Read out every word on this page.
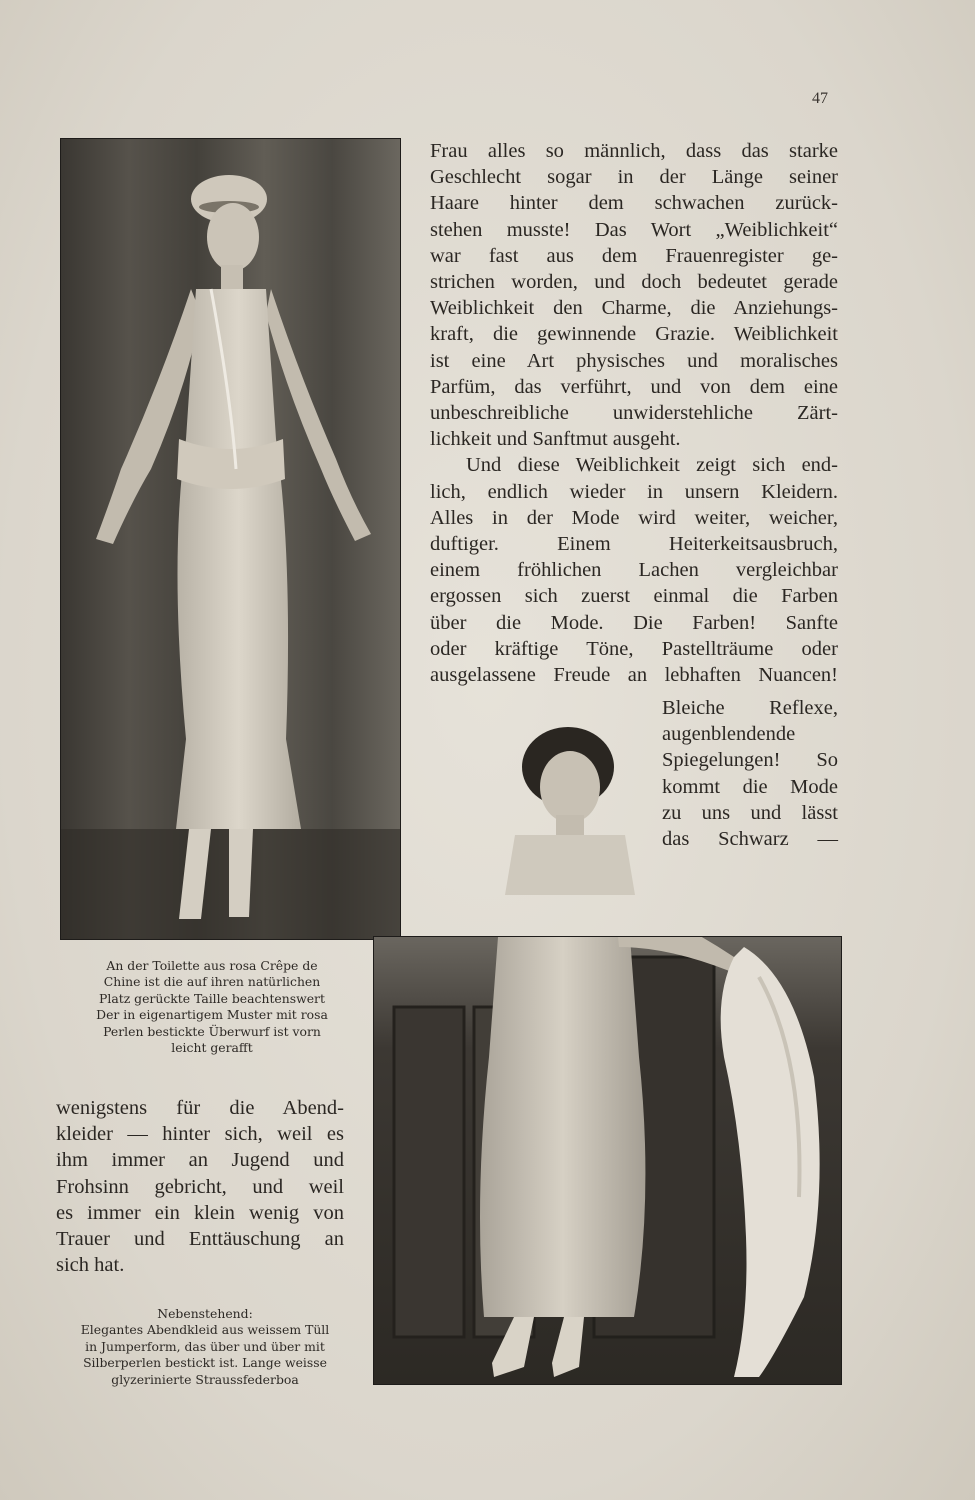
47
Frau alles so männlich, dass das starke
Geschlecht sogar in der Länge seiner
Haare hinter dem schwachen zurück-
stehen musste! Das Wort „Weiblichkeit“
war fast aus dem Frauenregister ge-
strichen worden, und doch bedeutet gerade
Weiblichkeit den Charme, die Anziehungs-
kraft, die gewinnende Grazie. Weiblichkeit
ist eine Art physisches und moralisches
Parfüm, das verführt, und von dem eine
unbeschreibliche unwiderstehliche Zärt-
lichkeit und Sanftmut ausgeht.
Und diese Weiblichkeit zeigt sich end-
lich, endlich wieder in unsern Kleidern.
Alles in der Mode wird weiter, weicher,
duftiger. Einem Heiterkeitsausbruch,
einem fröhlichen Lachen vergleichbar
ergossen sich zuerst einmal die Farben
über die Mode. Die Farben! Sanfte
oder kräftige Töne, Pastellträume oder
ausgelassene Freude an lebhaften Nuancen!
Bleiche Reflexe,
augenblendende
Spiegelungen! So
kommt die Mode
zu uns und lässt
das Schwarz —
An der Toilette aus rosa Crêpe de
Chine ist die auf ihren natürlichen
Platz gerückte Taille beachtenswert
Der in eigenartigem Muster mit rosa
Perlen bestickte Überwurf ist vorn
leicht gerafft
wenigstens für die Abend-
kleider — hinter sich, weil es
ihm immer an Jugend und
Frohsinn gebricht, und weil
es immer ein klein wenig von
Trauer und Enttäuschung an
sich hat.
Nebenstehend:
Elegantes Abendkleid aus weissem Tüll
in Jumperform, das über und über mit
Silberperlen bestickt ist. Lange weisse
glyzerinierte Straussfederboa
